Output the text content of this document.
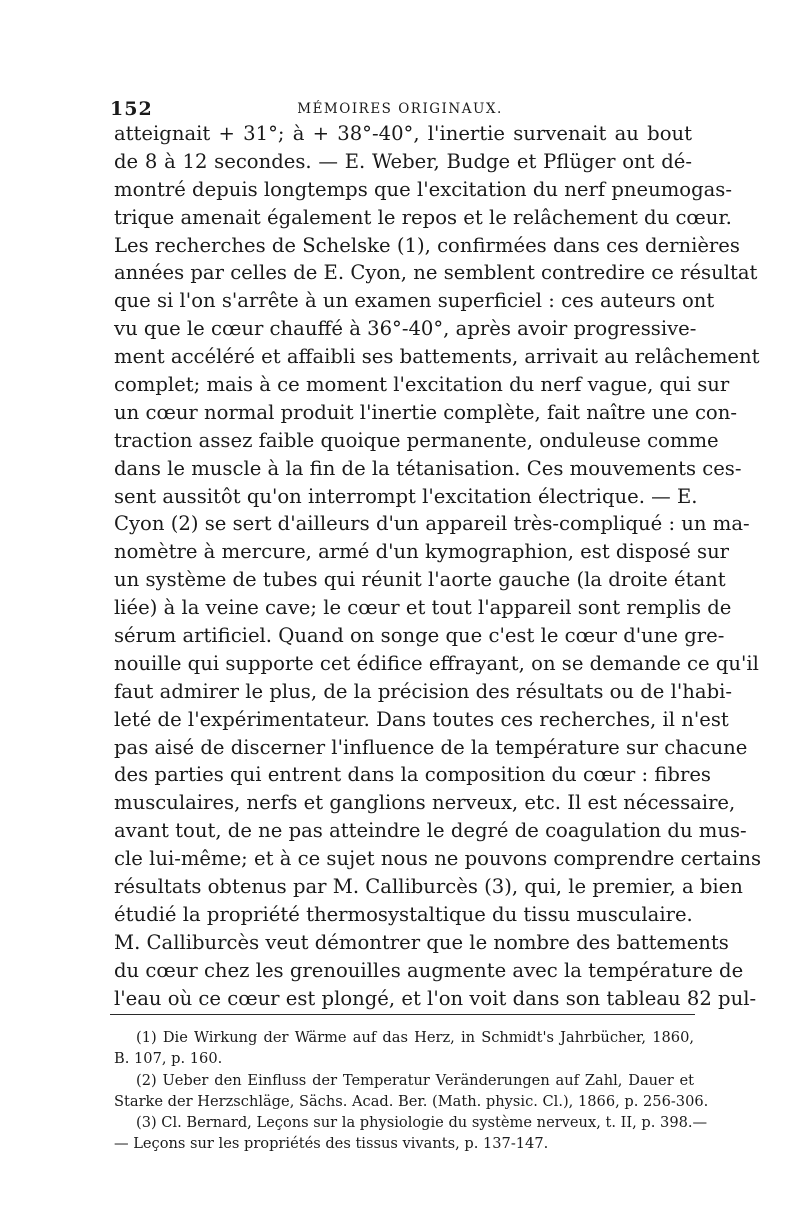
152	MÉMOIRES ORIGINAUX.
atteignait + 31°; à + 38°-40°, l'inertie survenait au bout
de 8 à 12 secondes. — E. Weber, Budge et Pflüger ont dé-
montré depuis longtemps que l'excitation du nerf pneumogas-
trique amenait également le repos et le relâchement du cœur.
Les recherches de Schelske (1), confirmées dans ces dernières
années par celles de E. Cyon, ne semblent contredire ce résultat
que si l'on s'arrête à un examen superficiel : ces auteurs ont
vu que le cœur chauffé à 36°-40°, après avoir progressive-
ment accéléré et affaibli ses battements, arrivait au relâchement
complet; mais à ce moment l'excitation du nerf vague, qui sur
un cœur normal produit l'inertie complète, fait naître une con-
traction assez faible quoique permanente, onduleuse comme
dans le muscle à la fin de la tétanisation. Ces mouvements ces-
sent aussitôt qu'on interrompt l'excitation électrique. — E.
Cyon (2) se sert d'ailleurs d'un appareil très-compliqué : un ma-
nomètre à mercure, armé d'un kymographion, est disposé sur
un système de tubes qui réunit l'aorte gauche (la droite étant
liée) à la veine cave; le cœur et tout l'appareil sont remplis de
sérum artificiel. Quand on songe que c'est le cœur d'une gre-
nouille qui supporte cet édifice effrayant, on se demande ce qu'il
faut admirer le plus, de la précision des résultats ou de l'habi-
leté de l'expérimentateur. Dans toutes ces recherches, il n'est
pas aisé de discerner l'influence de la température sur chacune
des parties qui entrent dans la composition du cœur : fibres
musculaires, nerfs et ganglions nerveux, etc. Il est nécessaire,
avant tout, de ne pas atteindre le degré de coagulation du mus-
cle lui-même; et à ce sujet nous ne pouvons comprendre certains
résultats obtenus par M. Calliburcès (3), qui, le premier, a bien
étudié la propriété thermosystaltique du tissu musculaire.
M. Calliburcès veut démontrer que le nombre des battements
du cœur chez les grenouilles augmente avec la température de
l'eau où ce cœur est plongé, et l'on voit dans son tableau 82 pul-
(1) Die Wirkung der Wärme auf das Herz, in Schmidt's Jahrbücher, 1860,
B. 107, p. 160.
(2) Ueber den Einfluss der Temperatur Veränderungen auf Zahl, Dauer et
Starke der Herzschläge, Sächs. Acad. Ber. (Math. physic. Cl.), 1866, p. 256-306.
(3) Cl. Bernard, Leçons sur la physiologie du système nerveux, t. II, p. 398.—
— Leçons sur les propriétés des tissus vivants, p. 137-147.
